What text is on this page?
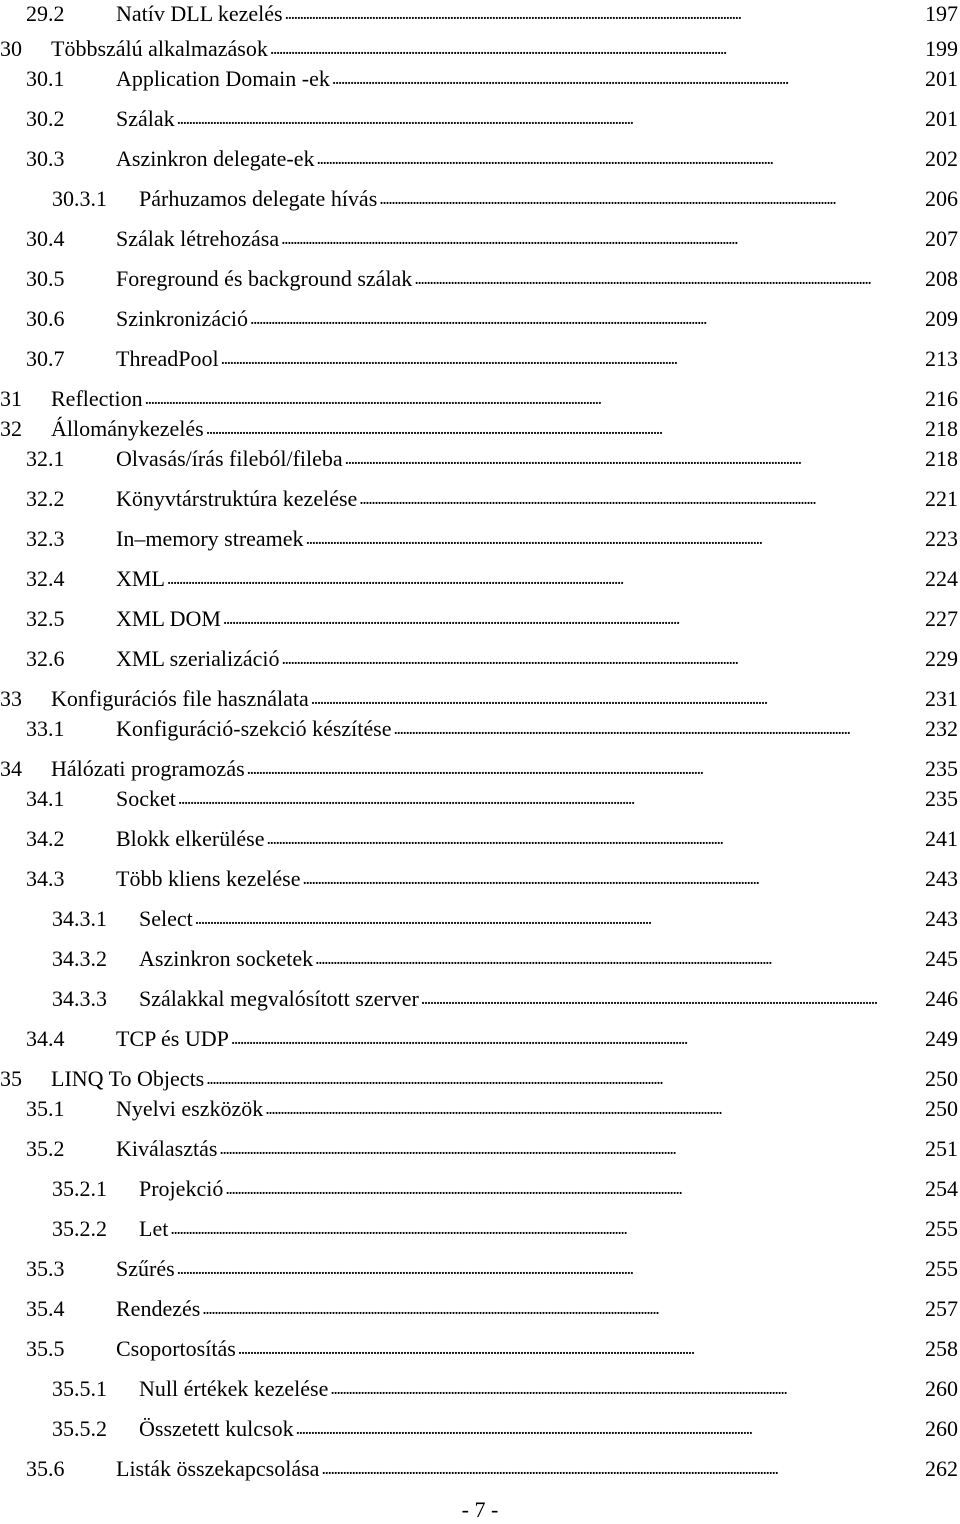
29.2	Natív DLL kezelés . . .	197
30	Többszálú alkalmazások . . .	199
30.1	Application Domain -ek . . .	201
30.2	Szálak . . .	201
30.3	Aszinkron delegate-ek . . .	202
30.3.1	Párhuzamos delegate hívás . . .	206
30.4	Szálak létrehozása . . .	207
30.5	Foreground és background szálak . . .	208
30.6	Szinkronizáció . . .	209
30.7	ThreadPool . . .	213
31	Reflection . . .	216
32	Állománykezelés . . .	218
32.1	Olvasás/írás fileból/fileba . . .	218
32.2	Könyvtárstruktúra kezelése . . .	221
32.3	In–memory streamek . . .	223
32.4	XML . . .	224
32.5	XML DOM . . .	227
32.6	XML szerializáció . . .	229
33	Konfigurációs file használata . . .	231
33.1	Konfiguráció-szekció készítése . . .	232
34	Hálózati programozás . . .	235
34.1	Socket . . .	235
34.2	Blokk elkerülése . . .	241
34.3	Több kliens kezelése . . .	243
34.3.1	Select . . .	243
34.3.2	Aszinkron socketek . . .	245
34.3.3	Szálakkal megvalósított szerver . . .	246
34.4	TCP és UDP . . .	249
35	LINQ To Objects . . .	250
35.1	Nyelvi eszközök . . .	250
35.2	Kiválasztás . . .	251
35.2.1	Projekció . . .	254
35.2.2	Let . . .	255
35.3	Szűrés . . .	255
35.4	Rendezés . . .	257
35.5	Csoportosítás . . .	258
35.5.1	Null értékek kezelése . . .	260
35.5.2	Összetett kulcsok . . .	260
35.6	Listák összekapcsolása . . .	262
- 7 -
